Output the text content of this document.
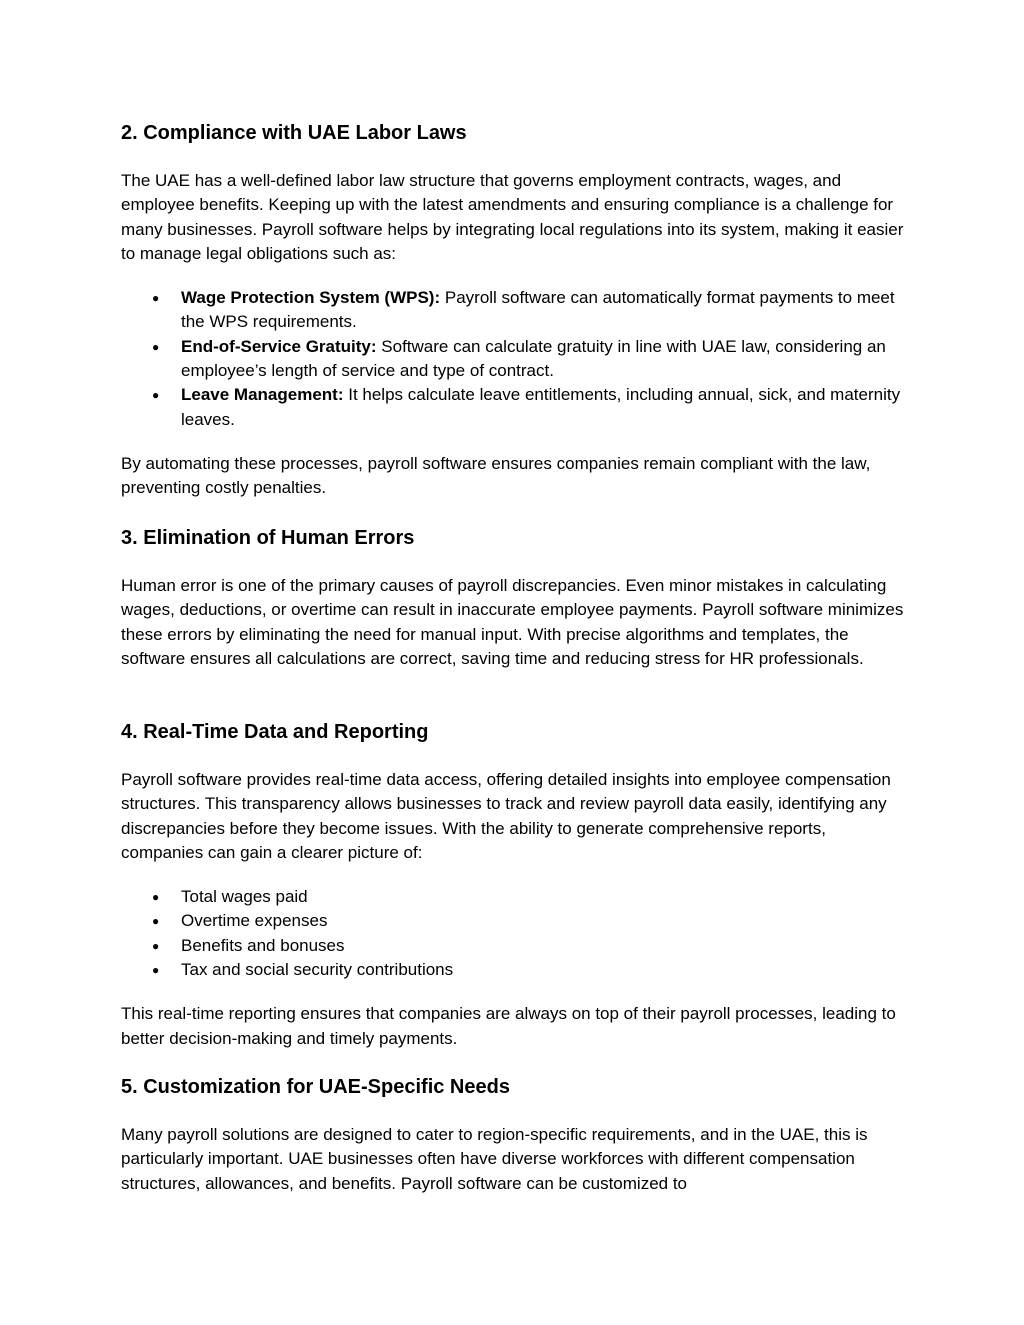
2. Compliance with UAE Labor Laws

The UAE has a well-defined labor law structure that governs employment contracts, wages, and employee benefits. Keeping up with the latest amendments and ensuring compliance is a challenge for many businesses. Payroll software helps by integrating local regulations into its system, making it easier to manage legal obligations such as:

● Wage Protection System (WPS): Payroll software can automatically format payments to meet the WPS requirements.
● End-of-Service Gratuity: Software can calculate gratuity in line with UAE law, considering an employee’s length of service and type of contract.
● Leave Management: It helps calculate leave entitlements, including annual, sick, and maternity leaves.

By automating these processes, payroll software ensures companies remain compliant with the law, preventing costly penalties.

3. Elimination of Human Errors

Human error is one of the primary causes of payroll discrepancies. Even minor mistakes in calculating wages, deductions, or overtime can result in inaccurate employee payments. Payroll software minimizes these errors by eliminating the need for manual input. With precise algorithms and templates, the software ensures all calculations are correct, saving time and reducing stress for HR professionals.

4. Real-Time Data and Reporting

Payroll software provides real-time data access, offering detailed insights into employee compensation structures. This transparency allows businesses to track and review payroll data easily, identifying any discrepancies before they become issues. With the ability to generate comprehensive reports, companies can gain a clearer picture of:

● Total wages paid
● Overtime expenses
● Benefits and bonuses
● Tax and social security contributions

This real-time reporting ensures that companies are always on top of their payroll processes, leading to better decision-making and timely payments.

5. Customization for UAE-Specific Needs

Many payroll solutions are designed to cater to region-specific requirements, and in the UAE, this is particularly important. UAE businesses often have diverse workforces with different compensation structures, allowances, and benefits. Payroll software can be customized to
